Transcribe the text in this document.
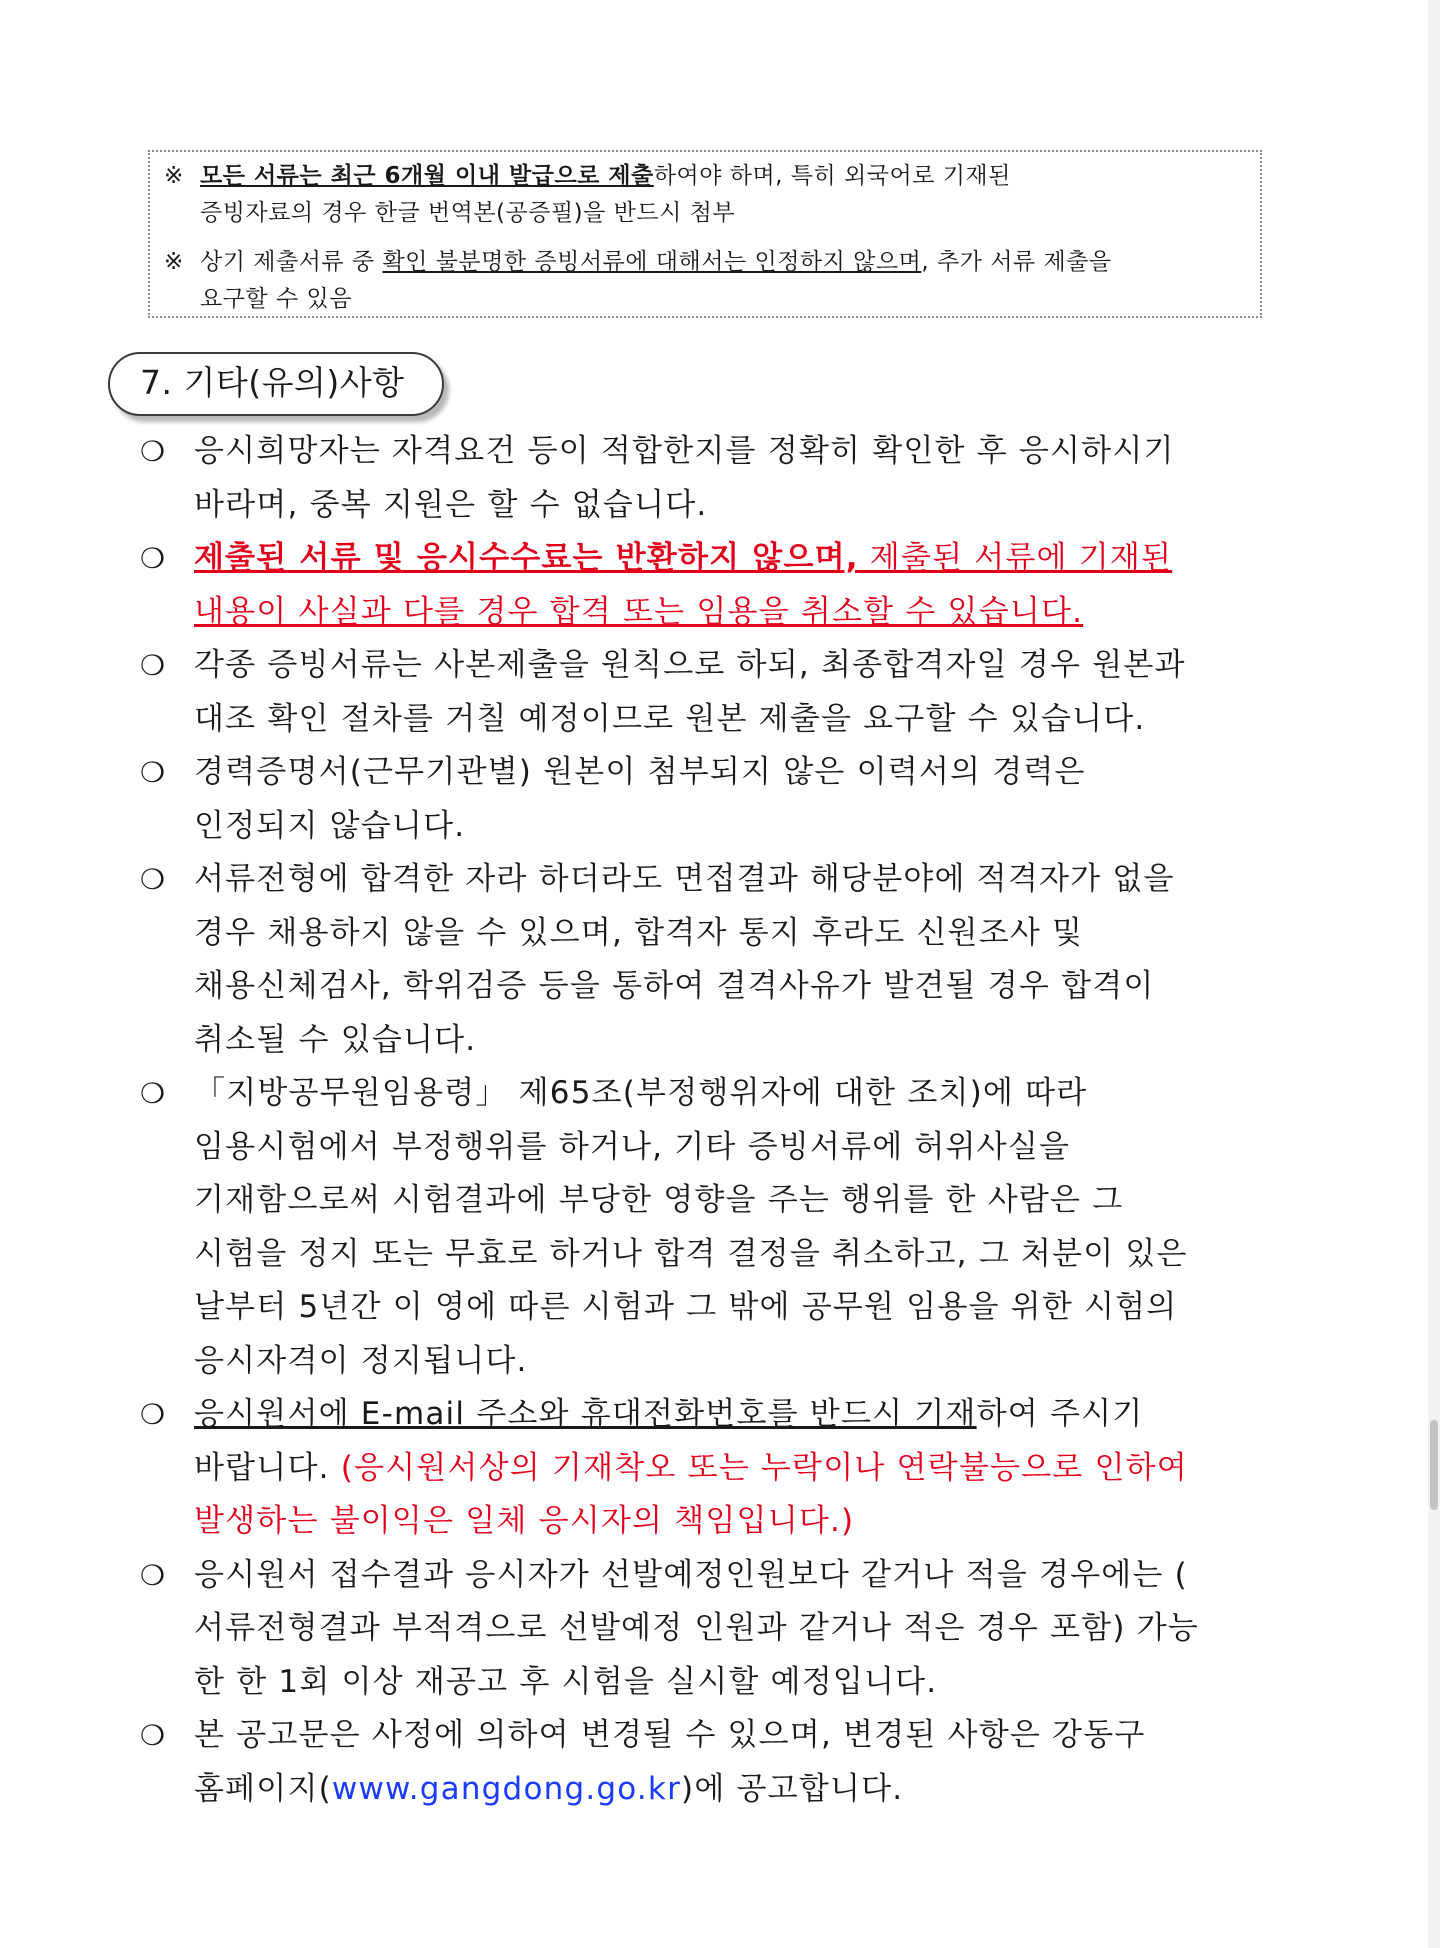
※ 모든 서류는 최근 6개월 이내 발급으로 제출하여야 하며, 특히 외국어로 기재된
증빙자료의 경우 한글 번역본(공증필)을 반드시 첨부
※ 상기 제출서류 중 확인 불분명한 증빙서류에 대해서는 인정하지 않으며, 추가 서류 제출을
요구할 수 있음
7. 기타(유의)사항
❍ 응시희망자는 자격요건 등이 적합한지를 정확히 확인한 후 응시하시기
바라며, 중복 지원은 할 수 없습니다.
❍ 제출된 서류 및 응시수수료는 반환하지 않으며, 제출된 서류에 기재된
내용이 사실과 다를 경우 합격 또는 임용을 취소할 수 있습니다.
❍ 각종 증빙서류는 사본제출을 원칙으로 하되, 최종합격자일 경우 원본과
대조 확인 절차를 거칠 예정이므로 원본 제출을 요구할 수 있습니다.
❍ 경력증명서(근무기관별) 원본이 첨부되지 않은 이력서의 경력은
인정되지 않습니다.
❍ 서류전형에 합격한 자라 하더라도 면접결과 해당분야에 적격자가 없을
경우 채용하지 않을 수 있으며, 합격자 통지 후라도 신원조사 및
채용신체검사, 학위검증 등을 통하여 결격사유가 발견될 경우 합격이
취소될 수 있습니다.
❍ 「지방공무원임용령」 제65조(부정행위자에 대한 조치)에 따라
임용시험에서 부정행위를 하거나, 기타 증빙서류에 허위사실을
기재함으로써 시험결과에 부당한 영향을 주는 행위를 한 사람은 그
시험을 정지 또는 무효로 하거나 합격 결정을 취소하고, 그 처분이 있은
날부터 5년간 이 영에 따른 시험과 그 밖에 공무원 임용을 위한 시험의
응시자격이 정지됩니다.
❍ 응시원서에 E-mail 주소와 휴대전화번호를 반드시 기재하여 주시기
바랍니다. (응시원서상의 기재착오 또는 누락이나 연락불능으로 인하여
발생하는 불이익은 일체 응시자의 책임입니다.)
❍ 응시원서 접수결과 응시자가 선발예정인원보다 같거나 적을 경우에는 (
서류전형결과 부적격으로 선발예정 인원과 같거나 적은 경우 포함) 가능
한 한 1회 이상 재공고 후 시험을 실시할 예정입니다.
❍ 본 공고문은 사정에 의하여 변경될 수 있으며, 변경된 사항은 강동구
홈페이지(www.gangdong.go.kr)에 공고합니다.
